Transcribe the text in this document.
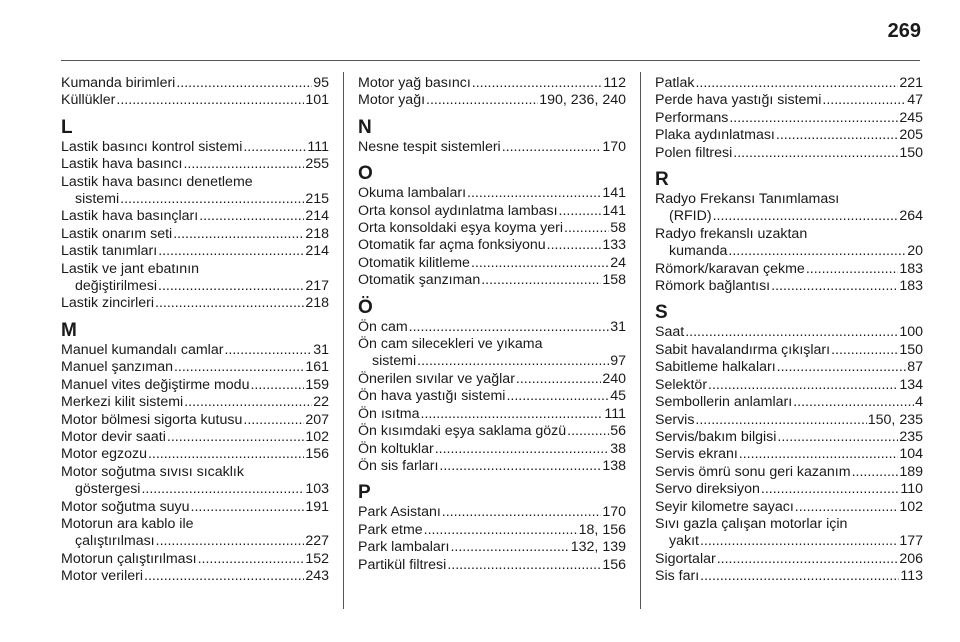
269
Kumanda birimleri .....	95
Küllükler .....	101
L
Lastik basıncı kontrol sistemi .....	111
Lastik hava basıncı .....	255
Lastik hava basıncı denetleme
sistemi .....	215
Lastik hava basınçları .....	214
Lastik onarım seti .....	218
Lastik tanımları .....	214
Lastik ve jant ebatının
değiştirilmesi .....	217
Lastik zincirleri .....	218
M
Manuel kumandalı camlar .....	31
Manuel şanzıman .....	161
Manuel vites değiştirme modu .....	159
Merkezi kilit sistemi .....	22
Motor bölmesi sigorta kutusu .....	207
Motor devir saati .....	102
Motor egzozu .....	156
Motor soğutma sıvısı sıcaklık
göstergesi .....	103
Motor soğutma suyu .....	191
Motorun ara kablo ile
çalıştırılması .....	227
Motorun çalıştırılması .....	152
Motor verileri .....	243
Motor yağ basıncı .....	112
Motor yağı .....	190, 236, 240
N
Nesne tespit sistemleri .....	170
O
Okuma lambaları .....	141
Orta konsol aydınlatma lambası .....	141
Orta konsoldaki eşya koyma yeri .....	58
Otomatik far açma fonksiyonu .....	133
Otomatik kilitleme .....	24
Otomatik şanzıman .....	158
Ö
Ön cam .....	31
Ön cam silecekleri ve yıkama
sistemi .....	97
Önerilen sıvılar ve yağlar .....	240
Ön hava yastığı sistemi .....	45
Ön ısıtma .....	111
Ön kısımdaki eşya saklama gözü .....	56
Ön koltuklar .....	38
Ön sis farları .....	138
P
Park Asistanı .....	170
Park etme .....	18, 156
Park lambaları .....	132, 139
Partikül filtresi .....	156
Patlak .....	221
Perde hava yastığı sistemi .....	47
Performans .....	245
Plaka aydınlatması .....	205
Polen filtresi .....	150
R
Radyo Frekansı Tanımlaması
(RFID) .....	264
Radyo frekanslı uzaktan
kumanda .....	20
Römork/karavan çekme .....	183
Römork bağlantısı .....	183
S
Saat .....	100
Sabit havalandırma çıkışları .....	150
Sabitleme halkaları .....	87
Selektör .....	134
Sembollerin anlamları .....	4
Servis .....	150, 235
Servis/bakım bilgisi .....	235
Servis ekranı .....	104
Servis ömrü sonu geri kazanım .....	189
Servo direksiyon .....	110
Seyir kilometre sayacı .....	102
Sıvı gazla çalışan motorlar için
yakıt .....	177
Sigortalar .....	206
Sis farı .....	113
